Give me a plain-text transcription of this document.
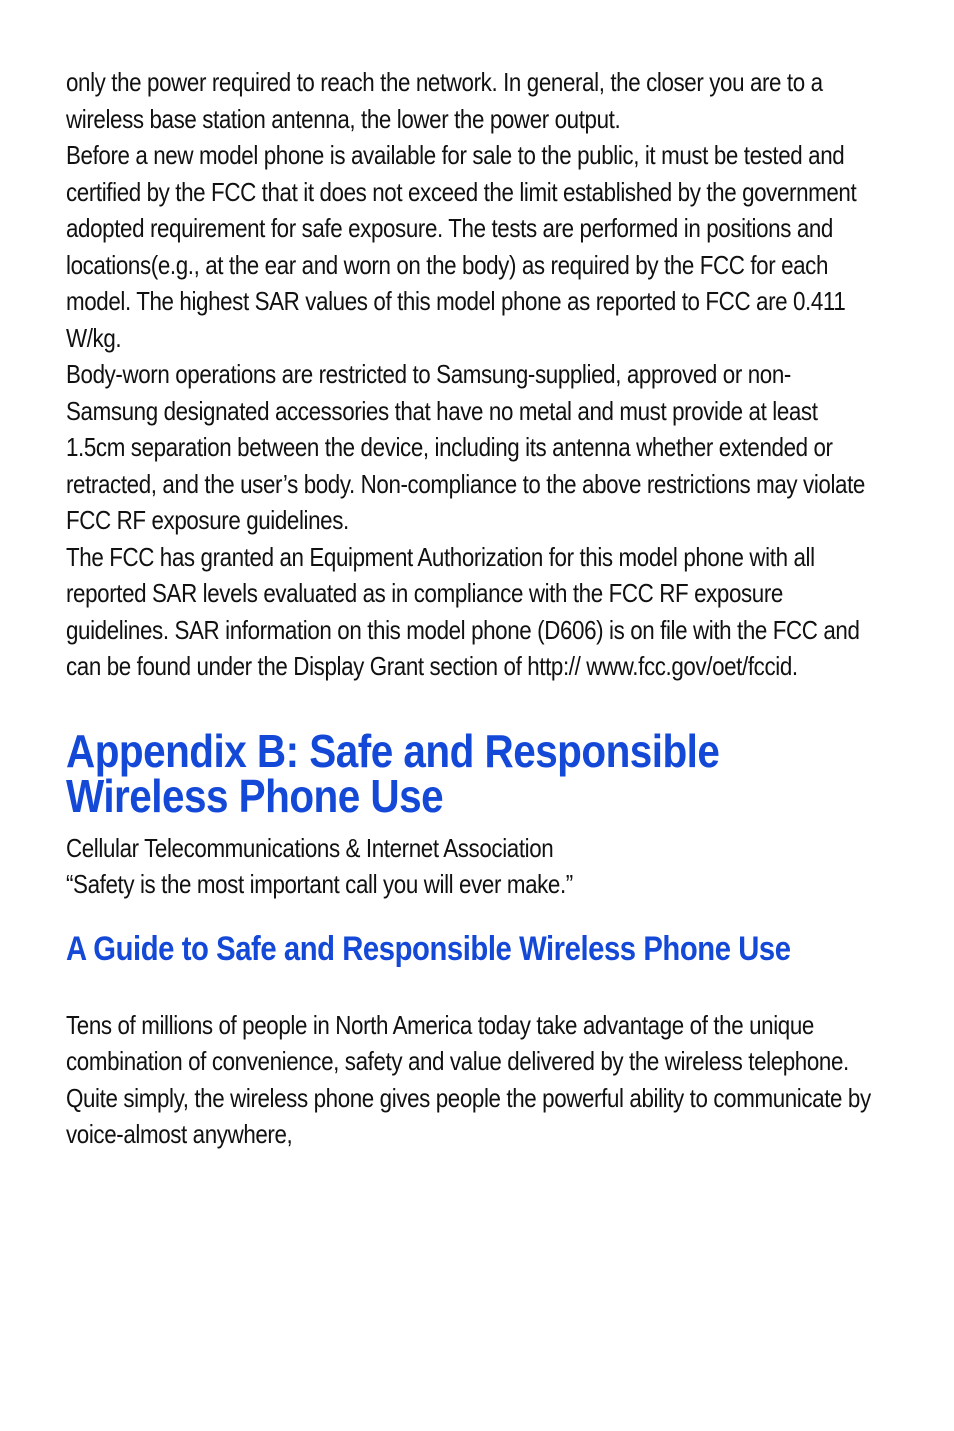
only the power required to reach the network. In general, the closer you are to a wireless base station antenna, the lower the power output.

Before a new model phone is available for sale to the public, it must be tested and certified by the FCC that it does not exceed the limit established by the government adopted requirement for safe exposure. The tests are performed in positions and locations(e.g., at the ear and worn on the body) as required by the FCC for each model. The highest SAR values of this model phone as reported to FCC are 0.411 W/kg.

Body-worn operations are restricted to Samsung-supplied, approved or non-Samsung designated accessories that have no metal and must provide at least 1.5cm separation between the device, including its antenna whether extended or retracted, and the user’s body. Non-compliance to the above restrictions may violate FCC RF exposure guidelines.

The FCC has granted an Equipment Authorization for this model phone with all reported SAR levels evaluated as in compliance with the FCC RF exposure guidelines. SAR information on this model phone (D606) is on file with the FCC and can be found under the Display Grant section of http:// www.fcc.gov/oet/fccid.

Appendix B: Safe and Responsible Wireless Phone Use

Cellular Telecommunications & Internet Association

“Safety is the most important call you will ever make.”

A Guide to Safe and Responsible Wireless Phone Use

Tens of millions of people in North America today take advantage of the unique combination of convenience, safety and value delivered by the wireless telephone. Quite simply, the wireless phone gives people the powerful ability to communicate by voice-almost anywhere,
